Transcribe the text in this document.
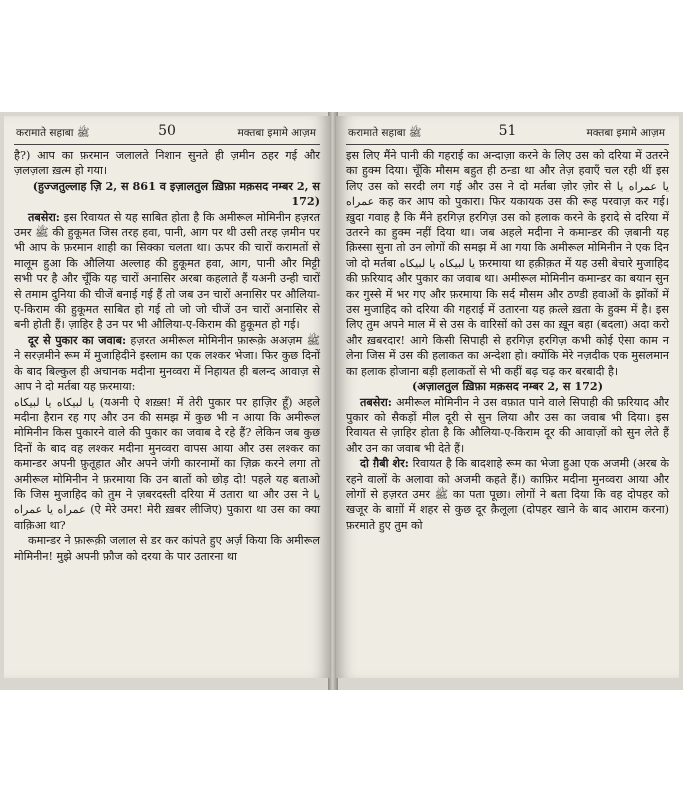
करामाते सहाबा ﷺ	50	मक्तबा इमामे आज़म

है?) आप का फ़रमान जलालते निशान सुनते ही ज़मीन ठहर गई और ज़लज़ला ख़त्म हो गया।

(हुज्जतुल्लाह ज़ि 2, स 861 व इज़ालतुल ख़िफ़ा मक़सद नम्बर 2, स 172)

तबसेरा: इस रिवायत से यह साबित होता है कि अमीरूल मोमिनीन हज़रत उमर ﷺ की हुकूमत जिस तरह हवा, पानी, आग पर थी उसी तरह ज़मीन पर भी आप के फ़रमान शाही का सिक्का चलता था। ऊपर की चारों करामतों से मालूम हुआ कि औलिया अल्लाह की हुकूमत हवा, आग, पानी और मिट्टी सभी पर है और चूँकि यह चारों अनासिर अरबा कहलाते हैं यअनी उन्ही चारों से तमाम दुनिया की चीजें बनाई गई हैं तो जब उन चारों अनासिर पर औलिया-ए-किराम की हुकूमत साबित हो गई तो जो जो चीजें उन चारों अनासिर से बनी होती हैं। ज़ाहिर है उन पर भी औलिया-ए-किराम की हुकूमत हो गई।

दूर से पुकार का जवाब: हज़रत अमीरूल मोमिनीन फ़ारूक़े अअज़म ﷺ ने सरज़मीने रूम में मुजाहिदीने इस्लाम का एक लश्कर भेजा। फिर कुछ दिनों के बाद बिल्कुल ही अचानक मदीना मुनव्वरा में निहायत ही बलन्द आवाज़ से आप ने दो मर्तबा यह फ़रमाया:

يا لبيكاه يا لبيكاه (यअनी ऐ शख़्स! में तेरी पुकार पर हाज़िर हूँ) अहले मदीना हैरान रह गए और उन की समझ में कुछ भी न आया कि अमीरूल मोमिनीन किस पुकारने वाले की पुकार का जवाब दे रहे हैं? लेकिन जब कुछ दिनों के बाद वह लश्कर मदीना मुनव्वरा वापस आया और उस लश्कर का कमान्डर अपनी फ़ुतूहात और अपने जंगी कारनामों का ज़िक्र करने लगा तो अमीरूल मोमिनीन ने फ़रमाया कि उन बातों को छोड़ दो! पहले यह बताओ कि जिस मुजाहिद को तुम ने ज़बरदस्ती दरिया में उतारा था और उस ने يا عمراه يا عمراه (ऐ मेरे उमर! मेरी ख़बर लीजिए) पुकारा था उस का क्या वाक़िआ था?

कमान्डर ने फ़ारूक़ी जलाल से डर कर कांपते हुए अर्ज़ किया कि अमीरूल मोमिनीन! मुझे अपनी फ़ौज को दरया के पार उतारना था

करामाते सहाबा ﷺ	51	मक्तबा इमामे आज़म

इस लिए मैंने पानी की गहराई का अन्दाज़ा करने के लिए उस को दरिया में उतरने का हुक्म दिया। चूँकि मौसम बहुत ही ठन्डा था और तेज़ हवाएँ चल रही थीं इस लिए उस को सरदी लग गई और उस ने दो मर्तबा ज़ोर ज़ोर से يا عمراه يا عمراه कह कर आप को पुकारा। फिर यकायक उस की रूह परवाज़ कर गई। ख़ुदा गवाह है कि मैंने हरगिज़ हरगिज़ उस को हलाक करने के इरादे से दरिया में उतरने का हुक्म नहीं दिया था। जब अहले मदीना ने कमान्डर की ज़बानी यह क़िस्सा सुना तो उन लोगों की समझ में आ गया कि अमीरूल मोमिनीन ने एक दिन जो दो मर्तबा يا لبيكاه يا لبيكاه फ़रमाया था हक़ीक़त में यह उसी बेचारे मुजाहिद की फ़रियाद और पुकार का जवाब था। अमीरूल मोमिनीन कमान्डर का बयान सुन कर गुस्से में भर गए और फ़रमाया कि सर्द मौसम और ठण्डी हवाओं के झोंकों में उस मुजाहिद को दरिया की गहराई में उतारना यह क़त्ले ख़ता के हुक्म में है। इस लिए तुम अपने माल में से उस के वारिसों को उस का ख़ून बहा (बदला) अदा करो और ख़बरदार! आगे किसी सिपाही से हरगिज़ हरगिज़ कभी कोई ऐसा काम न लेना जिस में उस की हलाकत का अन्देशा हो। क्योंकि मेरे नज़दीक एक मुसलमान का हलाक होजाना बड़ी हलाकतों से भी कहीं बढ़ चढ़ कर बरबादी है।

(अज़ालतुल ख़िफ़ा मक़सद नम्बर 2, स 172)

तबसेरा: अमीरूल मोमिनीन ने उस वफ़ात पाने वाले सिपाही की फ़रियाद और पुकार को सैकड़ों मील दूरी से सुन लिया और उस का जवाब भी दिया। इस रिवायत से ज़ाहिर होता है कि औलिया-ए-किराम दूर की आवाज़ों को सुन लेते हैं और उन का जवाब भी देते हैं।

दो ग़ैबी शेर: रिवायत है कि बादशाहे रूम का भेजा हुआ एक अजमी (अरब के रहने वालों के अलावा को अजमी कहते हैं।) काफ़िर मदीना मुनव्वरा आया और लोगों से हज़रत उमर ﷺ का पता पूछा। लोगों ने बता दिया कि वह दोपहर को खजूर के बाग़ों में शहर से कुछ दूर क़ैलूला (दोपहर खाने के बाद आराम करना) फ़रमाते हुए तुम को
